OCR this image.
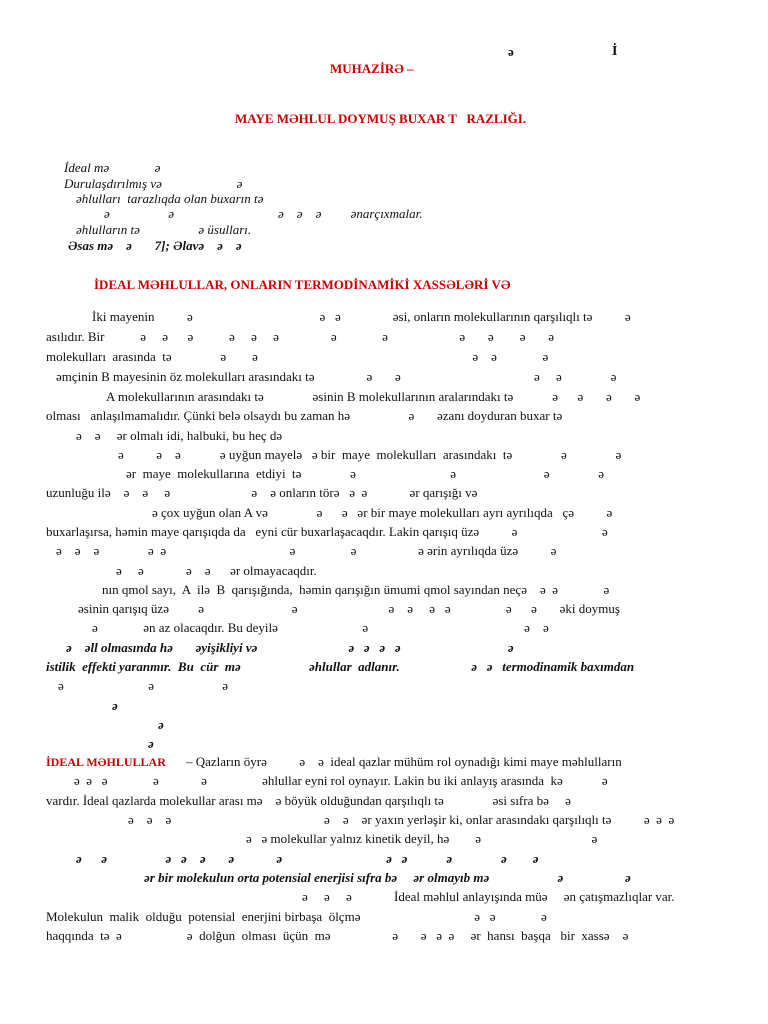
ə	İ
MUHAZİRƏ –
MAYE MƏHLUL DOYMUŞ BUXAR T   RAZLIĞI.
İdeal mə              ə
Durulaşdırılmış və                       ə
əhlulları  tarazlıqda olan buxarın tə
ə                  ə                                ə    ə    ə         ənarçıxmalar.
əhlulların tə                  ə üsulları.
Əsas mə    ə       7]; Əlavə    ə    ə
İDEAL MƏHLULLAR, ONLARIN TERMODİNAMİKİ XASSƏLƏRİ VƏ
İki mayenin          ə                                       ə   ə                əsi, onların molekullarının qarşılıqlı tə          ə
asılıdır. Bir           ə     ə      ə           ə     ə     ə                ə              ə                      ə       ə        ə       ə
molekulları  arasında  tə               ə        ə                                                                  ə    ə              ə
əmçinin B mayesinin öz molekulları arasındakı tə                ə       ə                                         ə     ə               ə
A molekullarının arasındakı tə               əsinin B molekullarının aralarındakı tə            ə      ə       ə       ə
olması   anlaşılmamalıdır. Çünki belə olsaydı bu zaman hə                  ə       əzanı doyduran buxar tə
ə    ə     ər olmalı idi, halbuki, bu heç də
ə          ə    ə            ə uyğun mayelə   ə bir  maye  molekulları  arasındakı  tə               ə               ə
ər  maye  molekullarına  etdiyi  tə               ə                             ə                           ə               ə
uzunluğu ilə    ə    ə     ə                         ə    ə onların törə   ə  ə             ər qarışığı və
ə çox uyğun olan A və               ə      ə   ər bir maye molekulları ayrı ayrılıqda   çə          ə
buxarlaşırsa, həmin maye qarışıqda da   eyni cür buxarlaşacaqdır. Lakin qarışıq üzə          ə                          ə
ə    ə    ə               ə  ə                                      ə                 ə                   ə ərin ayrılıqda üzə          ə
ə     ə             ə    ə      ər olmayacaqdır.
nın qmol sayı,  A  ilə  B  qarışığında,  həmin qarışığın ümumi qmol sayından neçə    ə  ə              ə
əsinin qarışıq üzə         ə                           ə                            ə    ə     ə   ə                 ə      ə       əki doymuş
ə              ən az olacaqdır. Bu deyilə                          ə                                                ə    ə
ə    əll olmasında hə       əyişikliyi və                            ə   ə   ə   ə                                 ə
istilik  effekti yaranmır.  Bu  cür  mə                     əhlullar  adlanır.                      ə   ə   termodinamik baxımdan
ə                          ə                     ə
ə
ə
ə
İDEAL MƏHLULLAR – Qazların öyrə          ə    ə  ideal qazlar mühüm rol oynadığı kimi maye məhlulların
ə  ə   ə              ə             ə                 əhlullar eyni rol oynayır. Lakin bu iki anlayış arasında  kə            ə
vardır. İdeal qazlarda molekullar arası mə    ə böyük olduğundan qarşılıqlı tə               əsi sıfra bə     ə
ə    ə    ə                                               ə    ə    ər yaxın yerləşir ki, onlar arasındakı qarşılıqlı tə          ə  ə  ə
ə   ə molekullar yalnız kinetik deyil, hə        ə                                  ə
ə      ə                  ə   ə    ə       ə             ə                                ə   ə            ə               ə        ə
ər bir molekulun orta potensial enerjisi sıfra bə     ər olmayıb mə                     ə                   ə
ə     ə     ə             İdeal məhlul anlayışında müə     ən çatışmazlıqlar var.
Molekulun  malik  olduğu  potensial  enerjini birbaşa  ölçmə                                   ə   ə              ə
haqqında  tə  ə                    ə  dolğun  olması  üçün  mə                   ə       ə   ə  ə     ər  hansı  başqa   bir  xassə    ə
